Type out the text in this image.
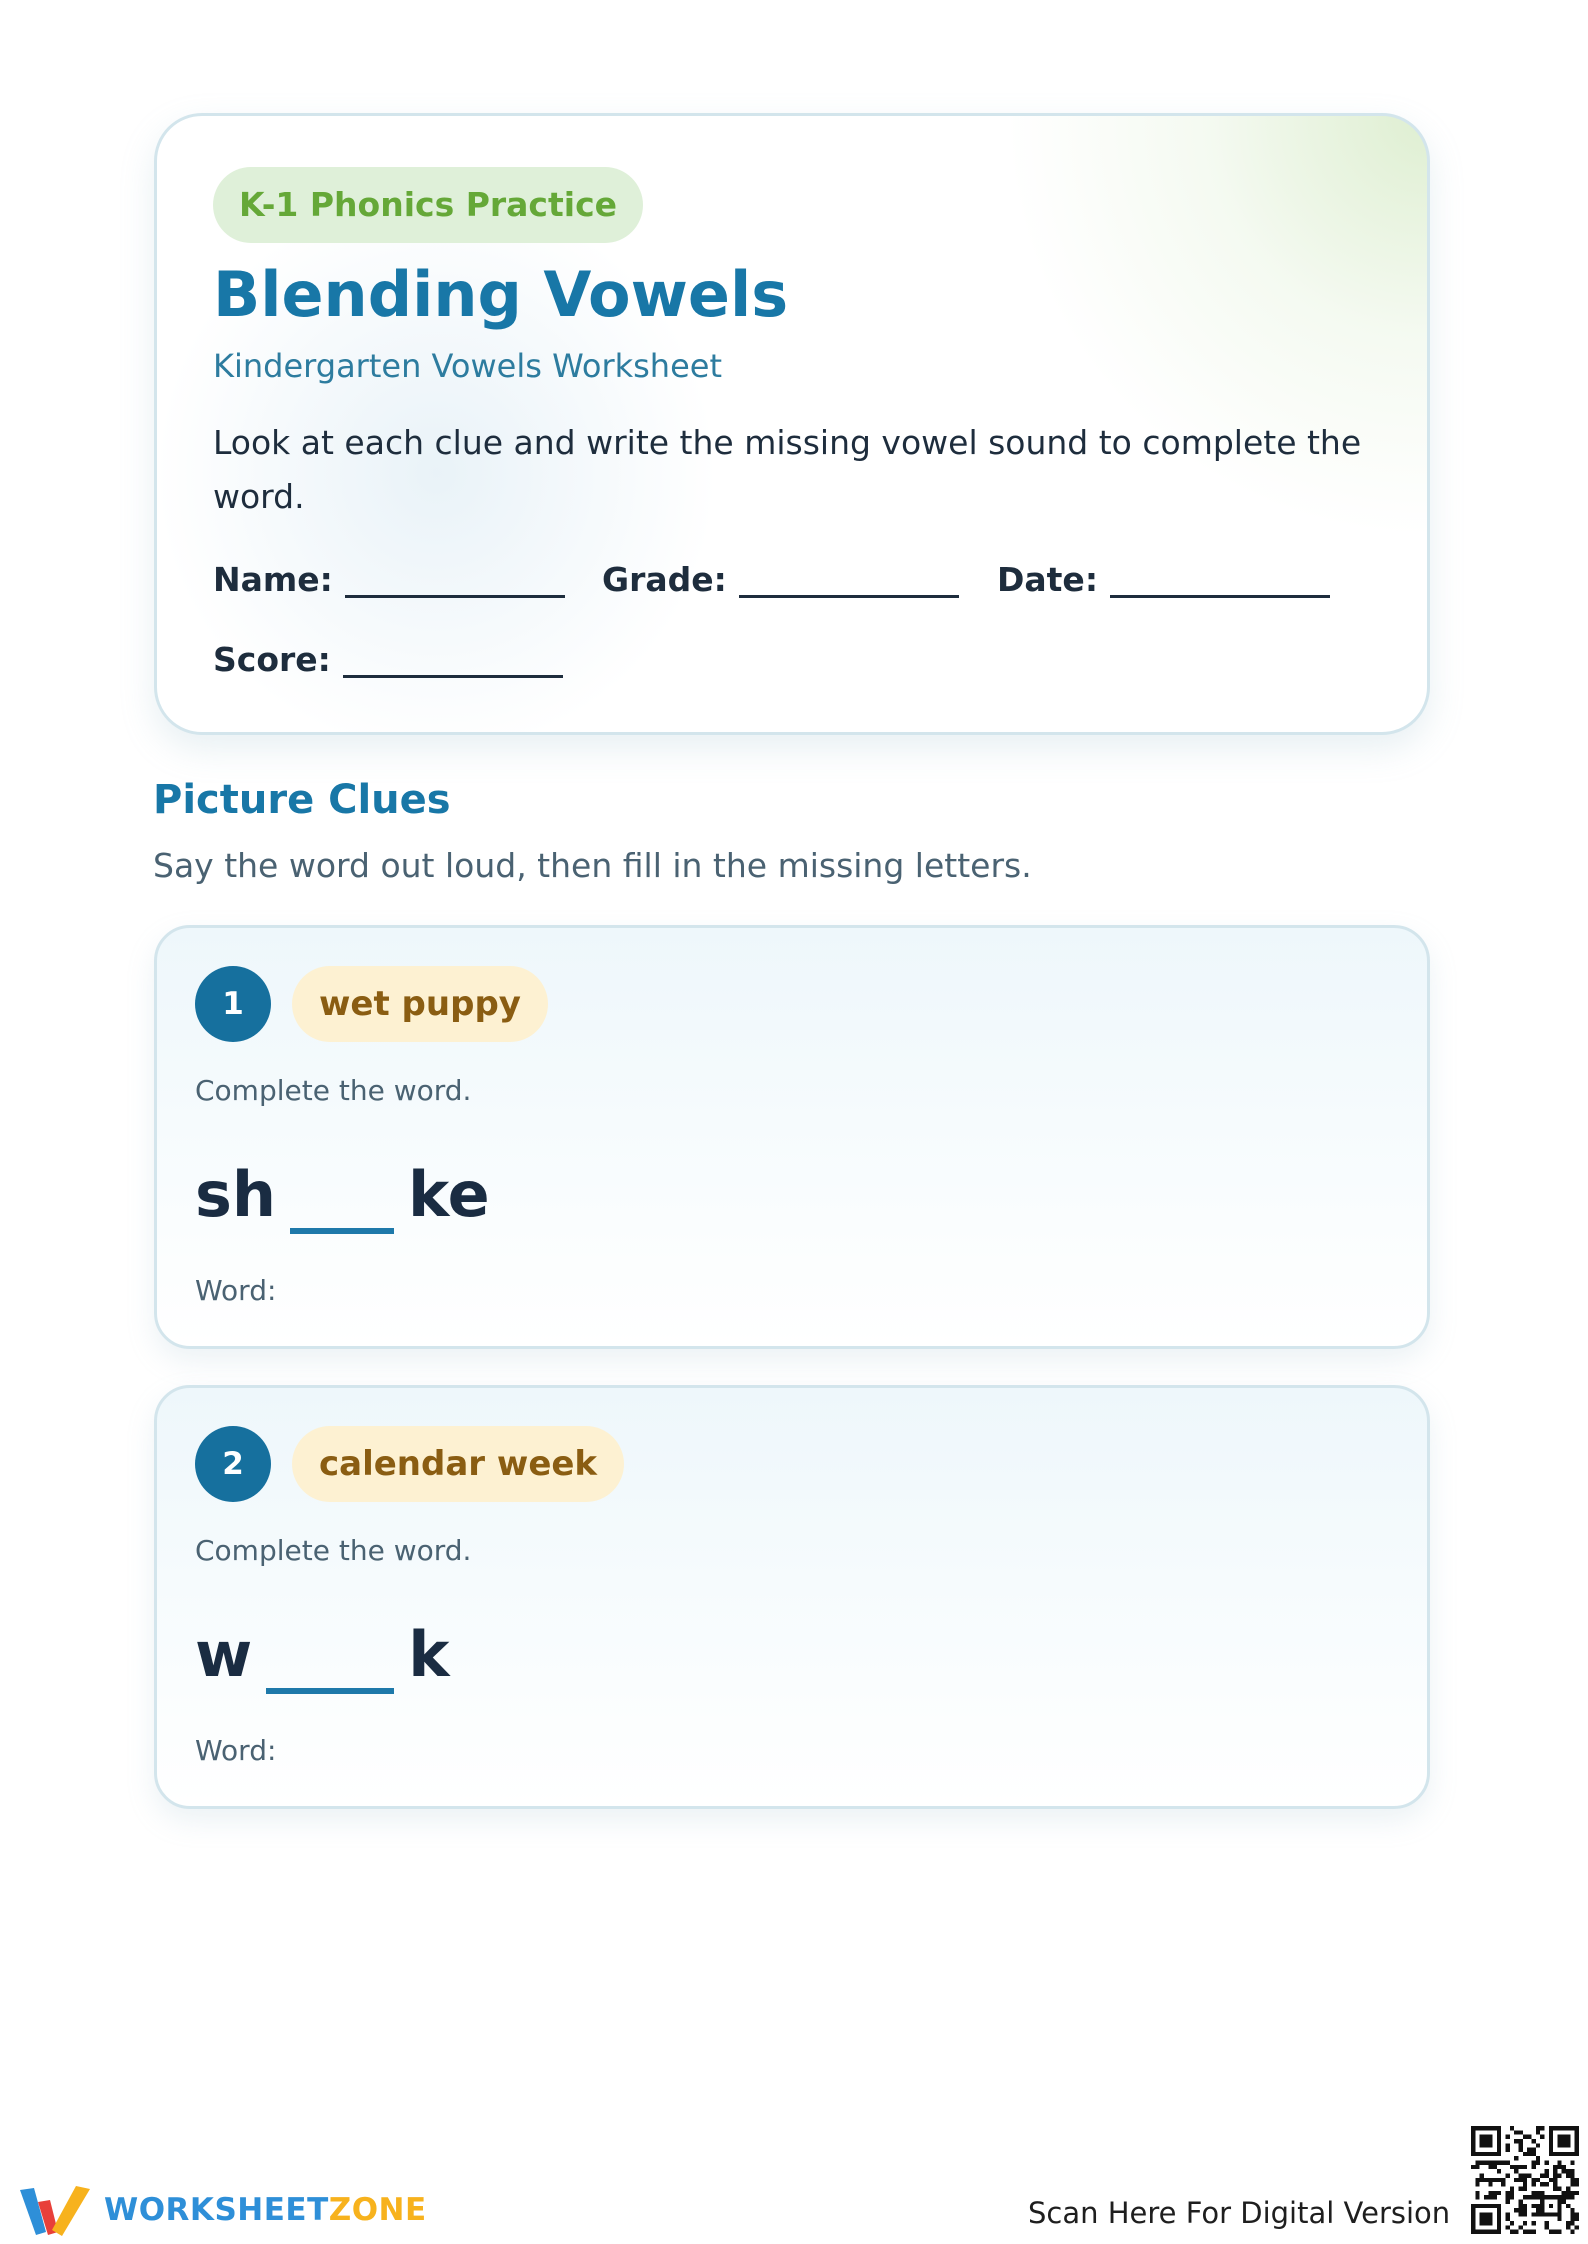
K-1 Phonics Practice
Blending Vowels
Kindergarten Vowels Worksheet
Look at each clue and write the missing vowel sound to complete the word.
Name:	Grade:	Date:
Score:
Picture Clues
Say the word out loud, then fill in the missing letters.
1	wet puppy
Complete the word.
sh ke
Word:
2	calendar week
Complete the word.
w	k
Word:
WORKSHEETZONE	Scan Here For Digital Version
